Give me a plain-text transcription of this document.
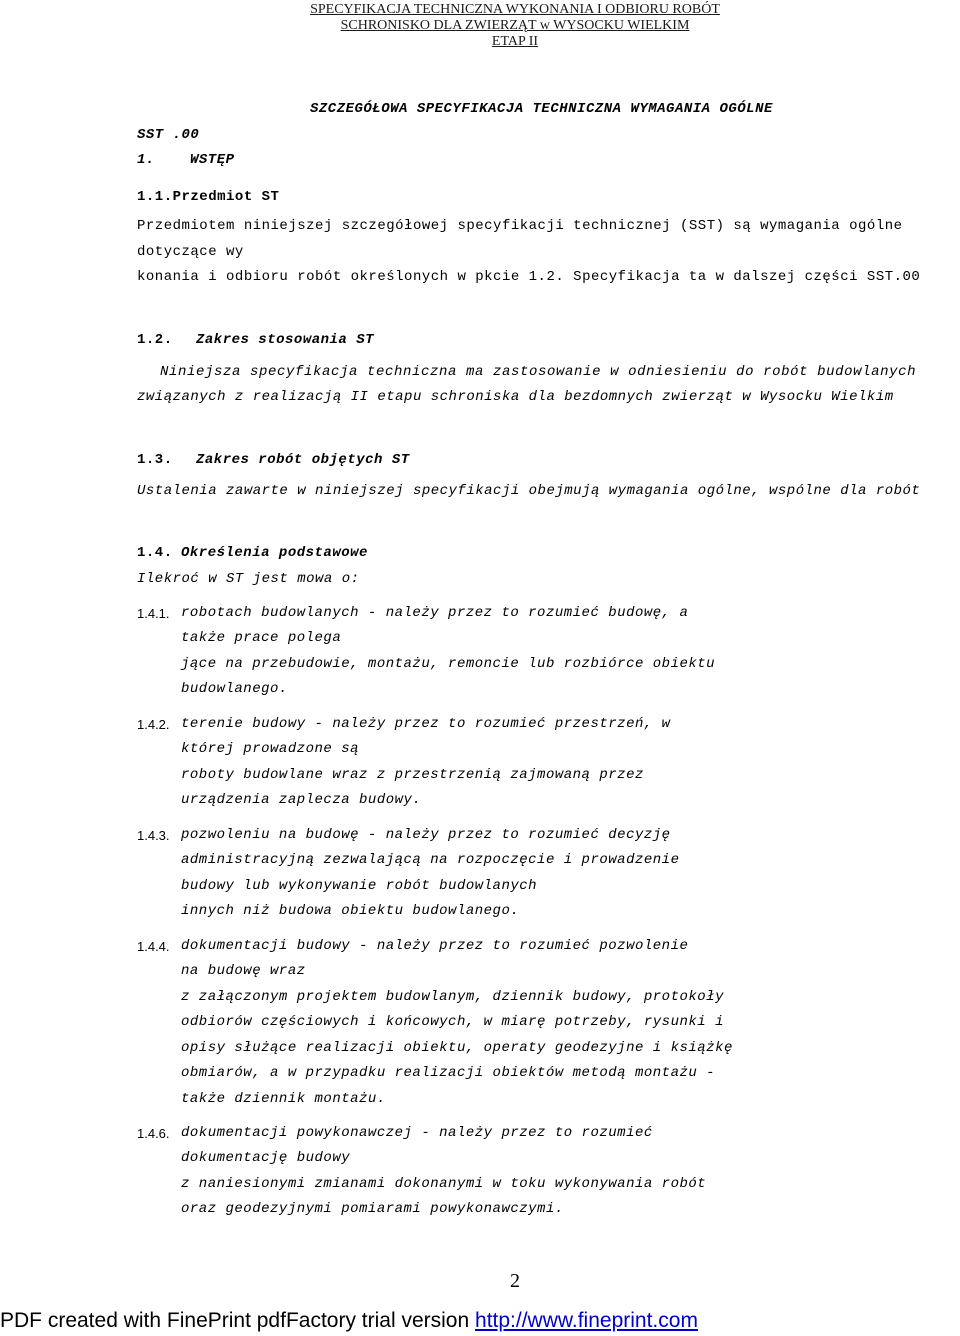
SPECYFIKACJA TECHNICZNA WYKONANIA I ODBIORU ROBÓT
SCHRONISKO DLA ZWIERZĄT w WYSOCKU WIELKIM
ETAP II
SZCZEGÓŁOWA SPECYFIKACJA TECHNICZNA WYMAGANIA OGÓLNE
SST .00
1.	WSTĘP
1.1.Przedmiot ST
Przedmiotem niniejszej szczegółowej specyfikacji technicznej (SST) są wymagania ogólne
dotyczące wy
konania i odbioru robót określonych w pkcie 1.2. Specyfikacja ta w dalszej części SST.00
1.2. Zakres stosowania ST
Niniejsza specyfikacja techniczna ma zastosowanie w odniesieniu do robót budowlanych
związanych z realizacją II etapu schroniska dla bezdomnych zwierząt w Wysocku Wielkim
1.3. Zakres robót objętych ST
Ustalenia zawarte w niniejszej specyfikacji obejmują wymagania ogólne, wspólne dla robót
1.4. Określenia podstawowe
Ilekroć w ST jest mowa o:
1.4.1. robotach budowlanych - należy przez to rozumieć budowę, a
także prace polega
jące na przebudowie, montażu, remoncie lub rozbiórce obiektu
budowlanego.
1.4.2. terenie budowy - należy przez to rozumieć przestrzeń, w
której prowadzone są
roboty budowlane wraz z przestrzenią zajmowaną przez
urządzenia zaplecza budowy.
1.4.3. pozwoleniu na budowę - należy przez to rozumieć decyzję
administracyjną zezwalającą na rozpoczęcie i prowadzenie
budowy lub wykonywanie robót budowlanych
innych niż budowa obiektu budowlanego.
1.4.4. dokumentacji budowy - należy przez to rozumieć pozwolenie
na budowę wraz
z załączonym projektem budowlanym, dziennik budowy, protokoły
odbiorów częściowych i końcowych, w miarę potrzeby, rysunki i
opisy służące realizacji obiektu, operaty geodezyjne i książkę
obmiarów, a w przypadku realizacji obiektów metodą montażu -
także dziennik montażu.
1.4.6. dokumentacji powykonawczej - należy przez to rozumieć
dokumentację budowy
z naniesionymi zmianami dokonanymi w toku wykonywania robót
oraz geodezyjnymi pomiarami powykonawczymi.
2
PDF created with FinePrint pdfFactory trial version http://www.fineprint.com
